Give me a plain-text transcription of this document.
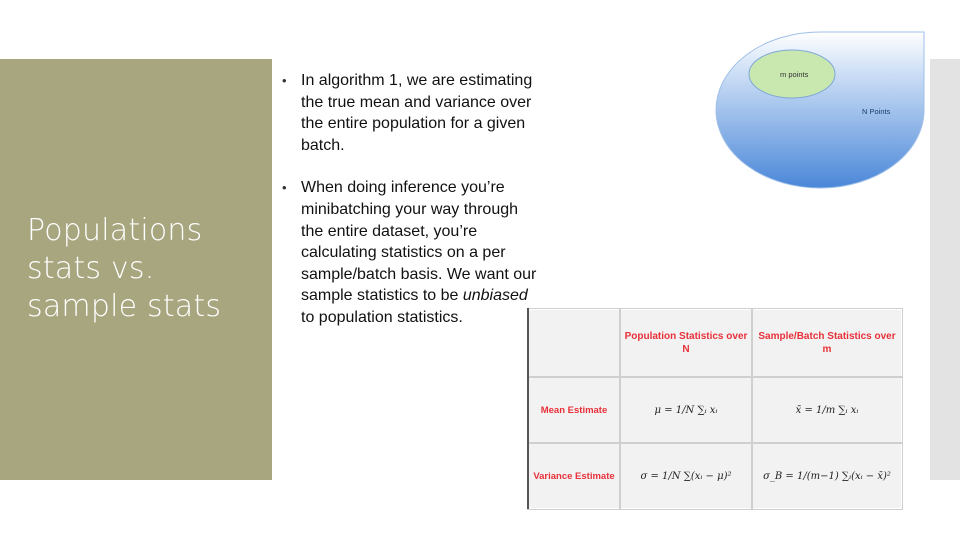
Populations stats vs. sample stats
• In algorithm 1, we are estimating the true mean and variance over the entire population for a given batch.
• When doing inference you’re minibatching your way through the entire dataset, you’re calculating statistics on a per sample/batch basis. We want our sample statistics to be unbiased to population statistics.
m points
N Points
	Population Statistics over N	Sample/Batch Statistics over m
Mean Estimate	μ = 1/N ∑ᵢ xᵢ	x̄ = 1/m ∑ᵢ xᵢ
Variance Estimate	σ = 1/N ∑(xᵢ − μ)²	σ_B = 1/(m−1) ∑ᵢ(xᵢ − x̄)²
